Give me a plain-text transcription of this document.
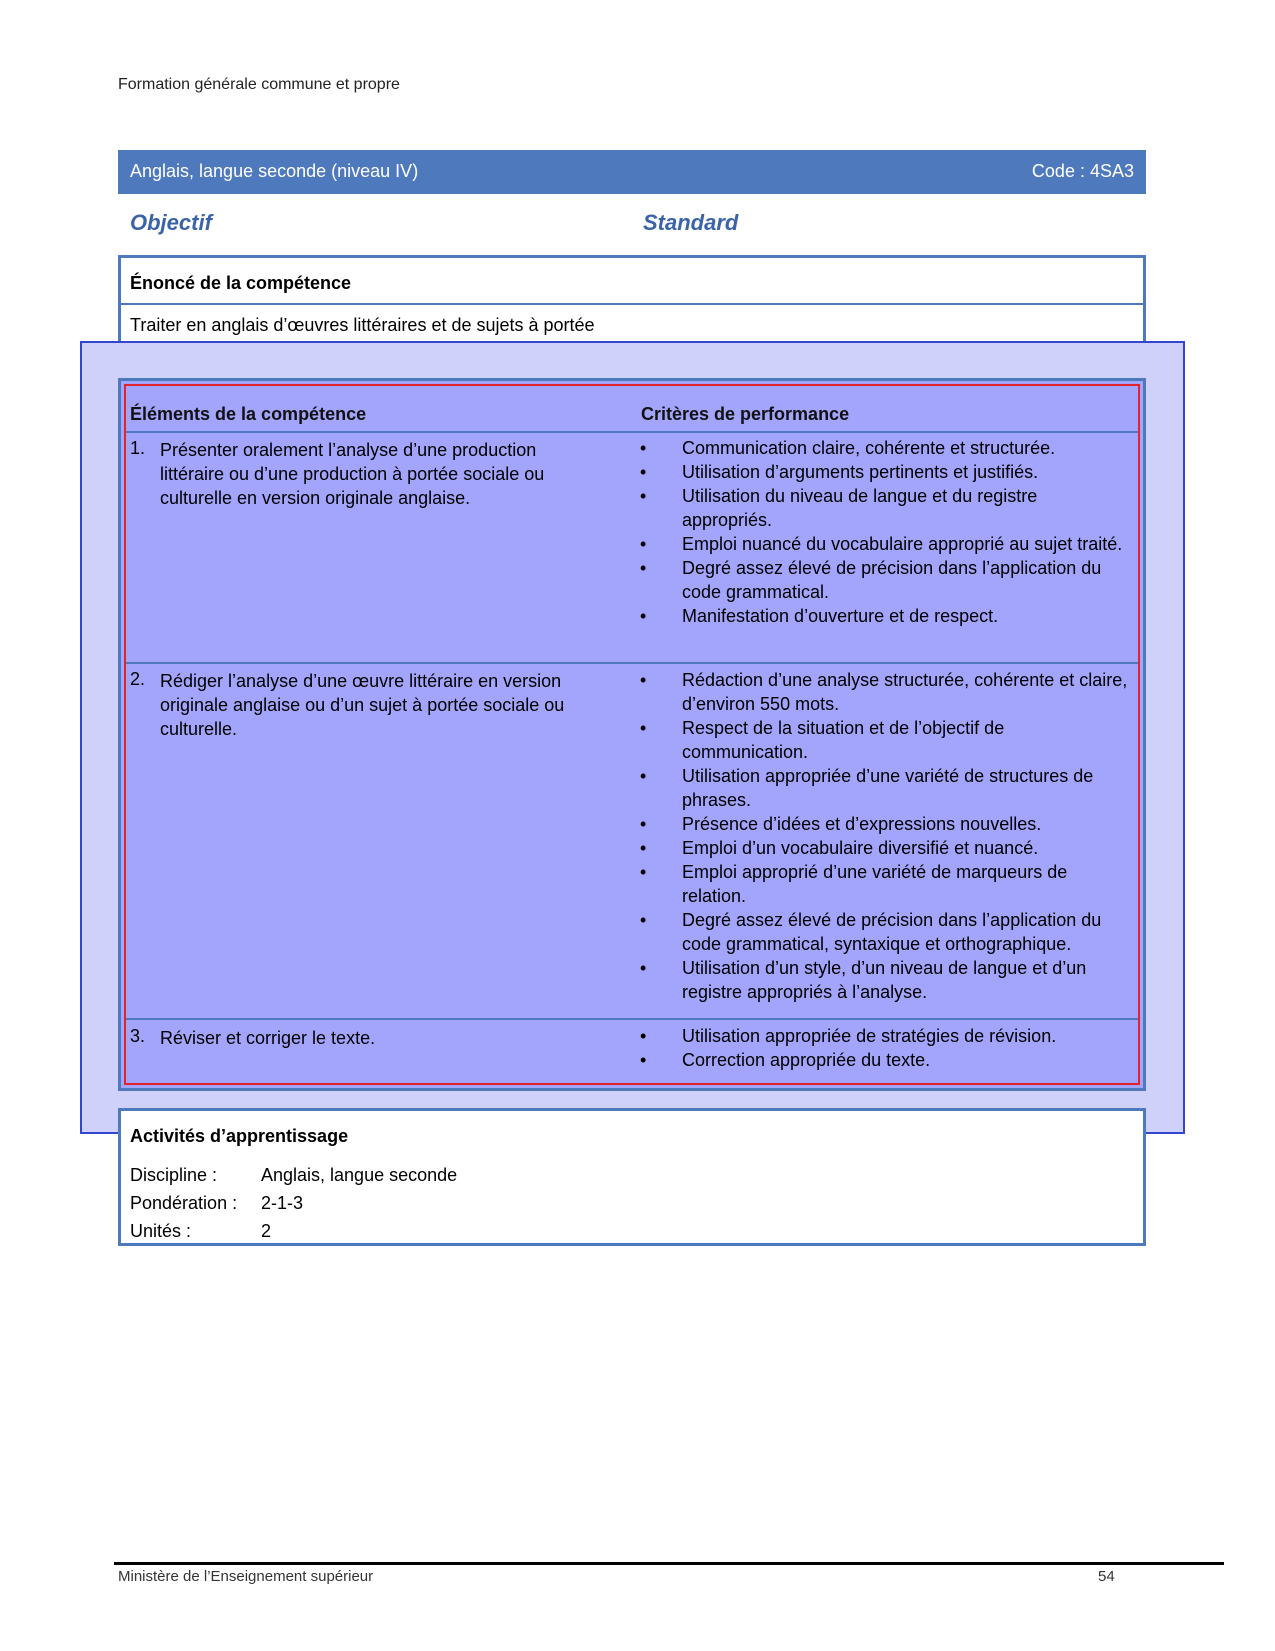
Formation générale commune et propre
Anglais, langue seconde (niveau IV)	Code : 4SA3
Objectif	Standard
Énoncé de la compétence
Traiter en anglais d’œuvres littéraires et de sujets à portée
Éléments de la compétence	Critères de performance
1. Présenter oralement l’analyse d’une production littéraire ou d’une production à portée sociale ou culturelle en version originale anglaise.
• Communication claire, cohérente et structurée.
• Utilisation d’arguments pertinents et justifiés.
• Utilisation du niveau de langue et du registre appropriés.
• Emploi nuancé du vocabulaire approprié au sujet traité.
• Degré assez élevé de précision dans l’application du code grammatical.
• Manifestation d’ouverture et de respect.
2. Rédiger l’analyse d’une œuvre littéraire en version originale anglaise ou d’un sujet à portée sociale ou culturelle.
• Rédaction d’une analyse structurée, cohérente et claire, d’environ 550 mots.
• Respect de la situation et de l’objectif de communication.
• Utilisation appropriée d’une variété de structures de phrases.
• Présence d’idées et d’expressions nouvelles.
• Emploi d’un vocabulaire diversifié et nuancé.
• Emploi approprié d’une variété de marqueurs de relation.
• Degré assez élevé de précision dans l’application du code grammatical, syntaxique et orthographique.
• Utilisation d’un style, d’un niveau de langue et d’un registre appropriés à l’analyse.
3. Réviser et corriger le texte.	• Utilisation appropriée de stratégies de révision.
• Correction appropriée du texte.
Activités d’apprentissage
Discipline : Anglais, langue seconde
Pondération : 2-1-3
Unités :	2
Ministère de l’Enseignement supérieur	54
